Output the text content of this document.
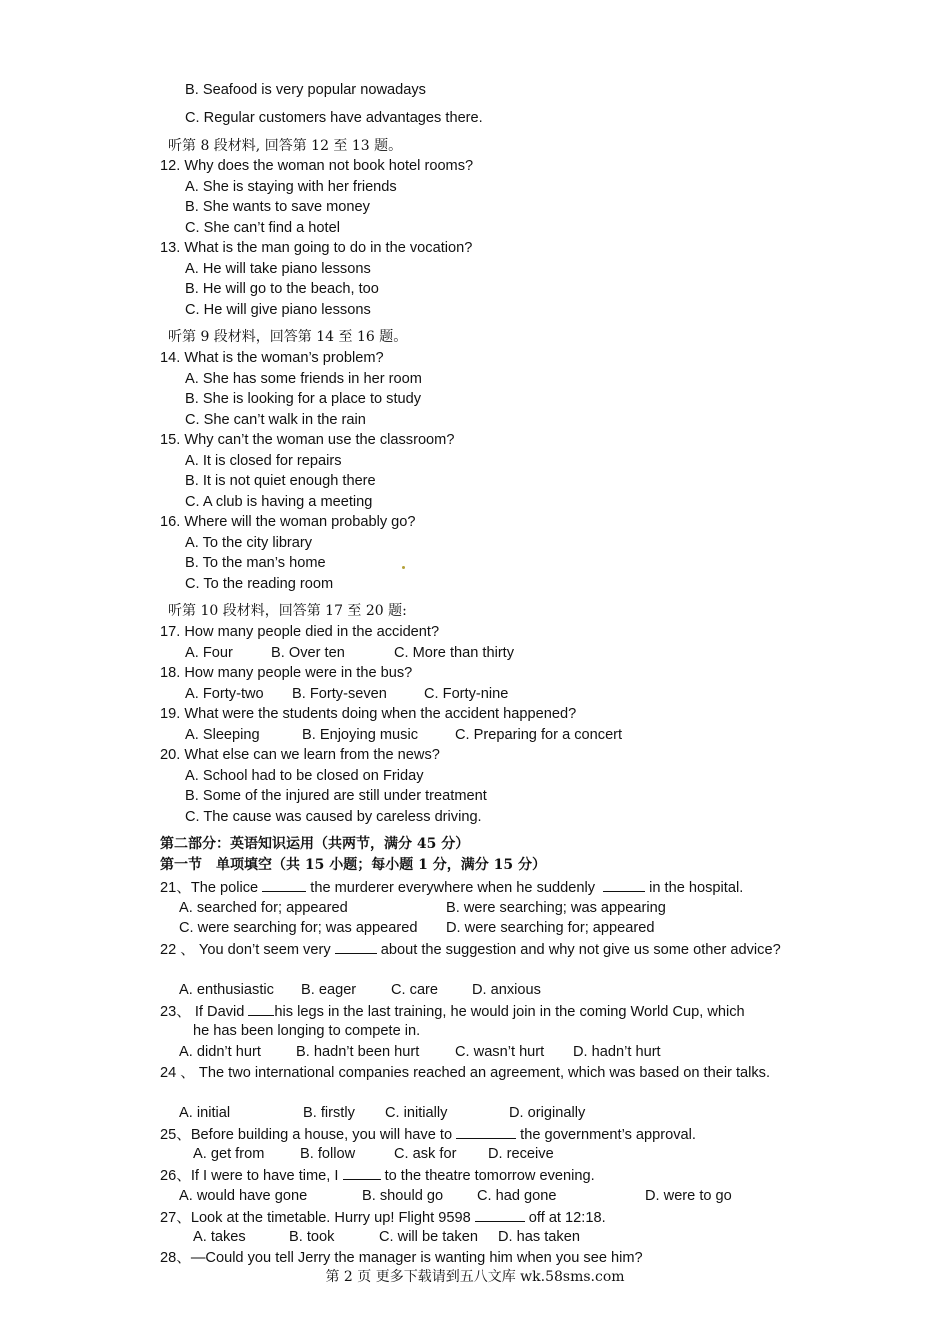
B. Seafood is very popular nowadays
C. Regular customers have advantages there.
听第 8 段材料, 回答第 12 至 13 题。
12. Why does the woman not book hotel rooms?
A. She is staying with her friends
B. She wants to save money
C. She can’t find a hotel
13. What is the man going to do in the vocation?
A. He will take piano lessons
B. He will go to the beach, too
C. He will give piano lessons
听第 9 段材料，回答第 14 至 16 题。
14. What is the woman’s problem?
A. She has some friends in her room
B. She is looking for a place to study
C. She can’t walk in the rain
15. Why can’t the woman use the classroom?
A. It is closed for repairs
B. It is not quiet enough there
C. A club is having a meeting
16. Where will the woman probably go?
A. To the city library
B. To the man’s home
C. To the reading room
听第 10 段材料，回答第 17 至 20 题:
17. How many people died in the accident?
A. Four	B. Over ten	C. More than thirty
18. How many people were in the bus?
A. Forty-two B. Forty-seven	C. Forty-nine
19. What were the students doing when the accident happened?
A. Sleeping	B. Enjoying music	C. Preparing for a concert
20. What else can we learn from the news?
A. School had to be closed on Friday
B. Some of the injured are still under treatment
C. The cause was caused by careless driving.
第二部分：英语知识运用（共两节，满分 45 分）
第一节　单项填空（共 15 小题；每小题 1 分，满分 15 分）
21、The police	the murderer everywhere when he suddenly	in the hospital.
A. searched for; appeared	B. were searching; was appearing
C. were searching for; was appeared D. were searching for; appeared
22 、 You don’t seem very	about the suggestion and why not give us some other advice?
A. enthusiastic B. eager C. care D. anxious
23、 If David his legs in the last training, he would join in the coming World Cup, which
he has been longing to compete in.
A. didn’t hurt B. hadn’t been hurt C. wasn’t hurt D. hadn’t hurt
24 、 The two international companies reached an agreement, which was based on their talks.
A. initial	B. firstly C. initially	D. originally
25、Before building a house, you will have to	the government’s approval.
A. get from B. follow	C. ask for D. receive
26、If I were to have time, I	to the theatre tomorrow evening.
A. would have gone	B. should go C. had gone	D. were to go
27、Look at the timetable. Hurry up! Flight 9598	off at 12:18.
A. takes	B. took	C. will be taken D. has taken
28、—Could you tell Jerry the manager is wanting him when you see him?
第 2 页 更多下载请到五八文库 wk.58sms.com
